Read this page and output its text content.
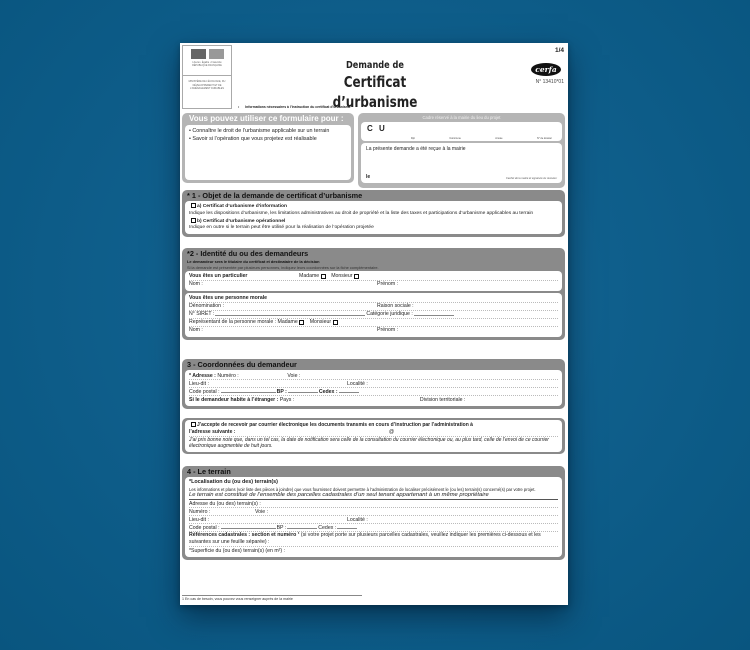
Liberté • Égalité • Fraternité RÉPUBLIQUE FRANÇAISE
MINISTÈRE DE L’ÉCOLOGIE, DU DÉVELOPPEMENT ET DE L’AMÉNAGEMENT DURABLES
Demande de
Certificat d’urbanisme
1/4
cerfa
N° 13410*01
• Informations nécessaires à l’instruction du certificat d’urbanisme
Vous pouvez utiliser ce formulaire pour :
• Connaître le droit de l’urbanisme applicable sur un terrain
• Savoir si l’opération que vous projetez est réalisable
Cadre réservé à la mairie du lieu du projet
C U
Dpt	Commune	Année	N° de dossier
La présente demande a été reçue à la mairie
le	Cachet de la mairie et signature du receveur
* 1 - Objet de la demande de certificat d’urbanisme
a) Certificat d’urbanisme d’information
Indique les dispositions d’urbanisme, les limitations administratives au droit de propriété et la liste des taxes et participations d’urbanisme applicables au terrain
b) Certificat d’urbanisme opérationnel
Indique en outre si le terrain peut être utilisé pour la réalisation de l’opération projetée
*2 - Identité du ou des demandeurs
Le demandeur sera le titulaire du certificat et destinataire de la décision
Si la demande est présentée par plusieurs personnes, indiquez leurs coordonnées sur la fiche complémentaire.
Vous êtes un particulier	Madame Monsieur
Nom :	Prénom :
Vous êtes une personne morale
Dénomination :	Raison sociale :
N° SIRET :	Catégorie juridique :
Représentant de la personne morale :
Madame Monsieur
Nom :	Prénom :
3 - Coordonnées du demandeur
* Adresse :
Numéro :	Voie :
Lieu-dit :	Localité :
Code postal :	BP :	Cedex :
Si le demandeur habite à l’étranger :
Pays :	Division territoriale :
J’accepte de recevoir par courrier électronique les documents transmis en cours d’instruction par l’administration à
l’adresse suivante :	@
J’ai pris bonne note que, dans un tel cas, la date de notification sera celle de la consultation du courrier électronique ou, au plus tard, celle de l’envoi de ce courrier électronique augmentée de huit jours.
4 - Le terrain
*Localisation du (ou des) terrain(s)
Les informations et plans (voir liste des pièces à joindre) que vous fournissez doivent permettre à l’administration de localiser précisément le (ou les) terrain(s) concerné(s) par votre projet.
Le terrain est constitué de l’ensemble des parcelles cadastrales d’un seul tenant appartenant à un même propriétaire
Adresse du (ou des) terrain(s) :
Numéro :	Voie :
Lieu-dit :	Localité :
Code postal :	BP :	Cedex :
Références cadastrales : section et numéro ¹ (si votre projet porte sur plusieurs parcelles cadastrales, veuillez indiquer les premières ci-dessous et les suivantes sur une feuille séparée) :
*Superficie du (ou des) terrain(s) (en m²) :
1 En cas de besoin, vous pouvez vous renseigner auprès de la mairie
